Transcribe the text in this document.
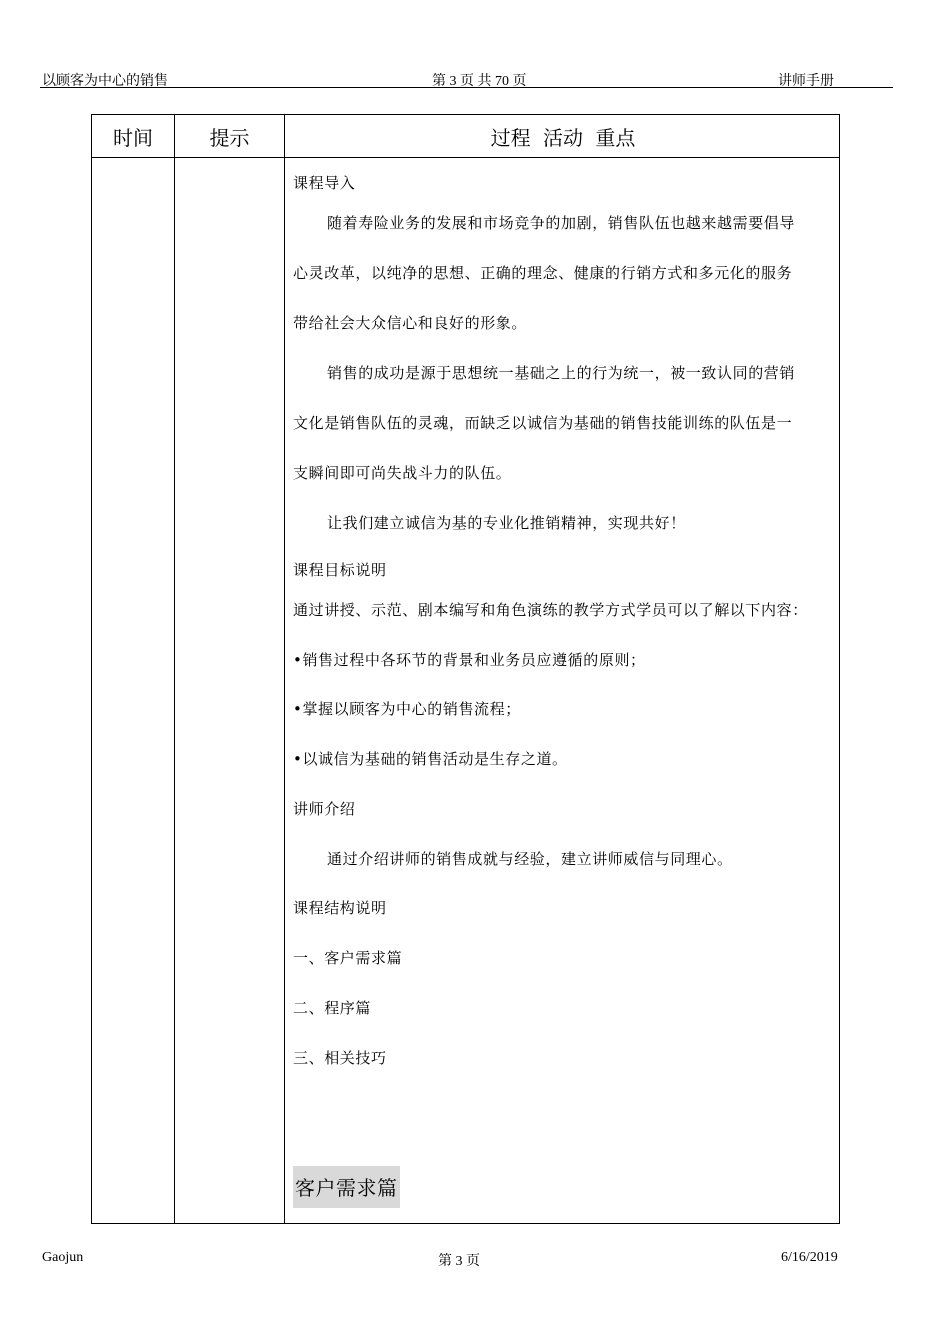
以顾客为中心的销售	第 3 页 共 70 页	讲师手册
时间	提示	过程 活动 重点
课程导入
随着寿险业务的发展和市场竞争的加剧，销售队伍也越来越需要倡导
心灵改革，以纯净的思想、正确的理念、健康的行销方式和多元化的服务
带给社会大众信心和良好的形象。
销售的成功是源于思想统一基础之上的行为统一，被一致认同的营销
文化是销售队伍的灵魂，而缺乏以诚信为基础的销售技能训练的队伍是一
支瞬间即可尚失战斗力的队伍。
让我们建立诚信为基的专业化推销精神，实现共好！
课程目标说明
通过讲授、示范、剧本编写和角色演练的教学方式学员可以了解以下内容：
•销售过程中各环节的背景和业务员应遵循的原则；
•掌握以顾客为中心的销售流程；
•以诚信为基础的销售活动是生存之道。
讲师介绍
通过介绍讲师的销售成就与经验，建立讲师威信与同理心。
课程结构说明
一、客户需求篇
二、程序篇
三、相关技巧
客户需求篇
Gaojun	第 3 页	6/16/2019
